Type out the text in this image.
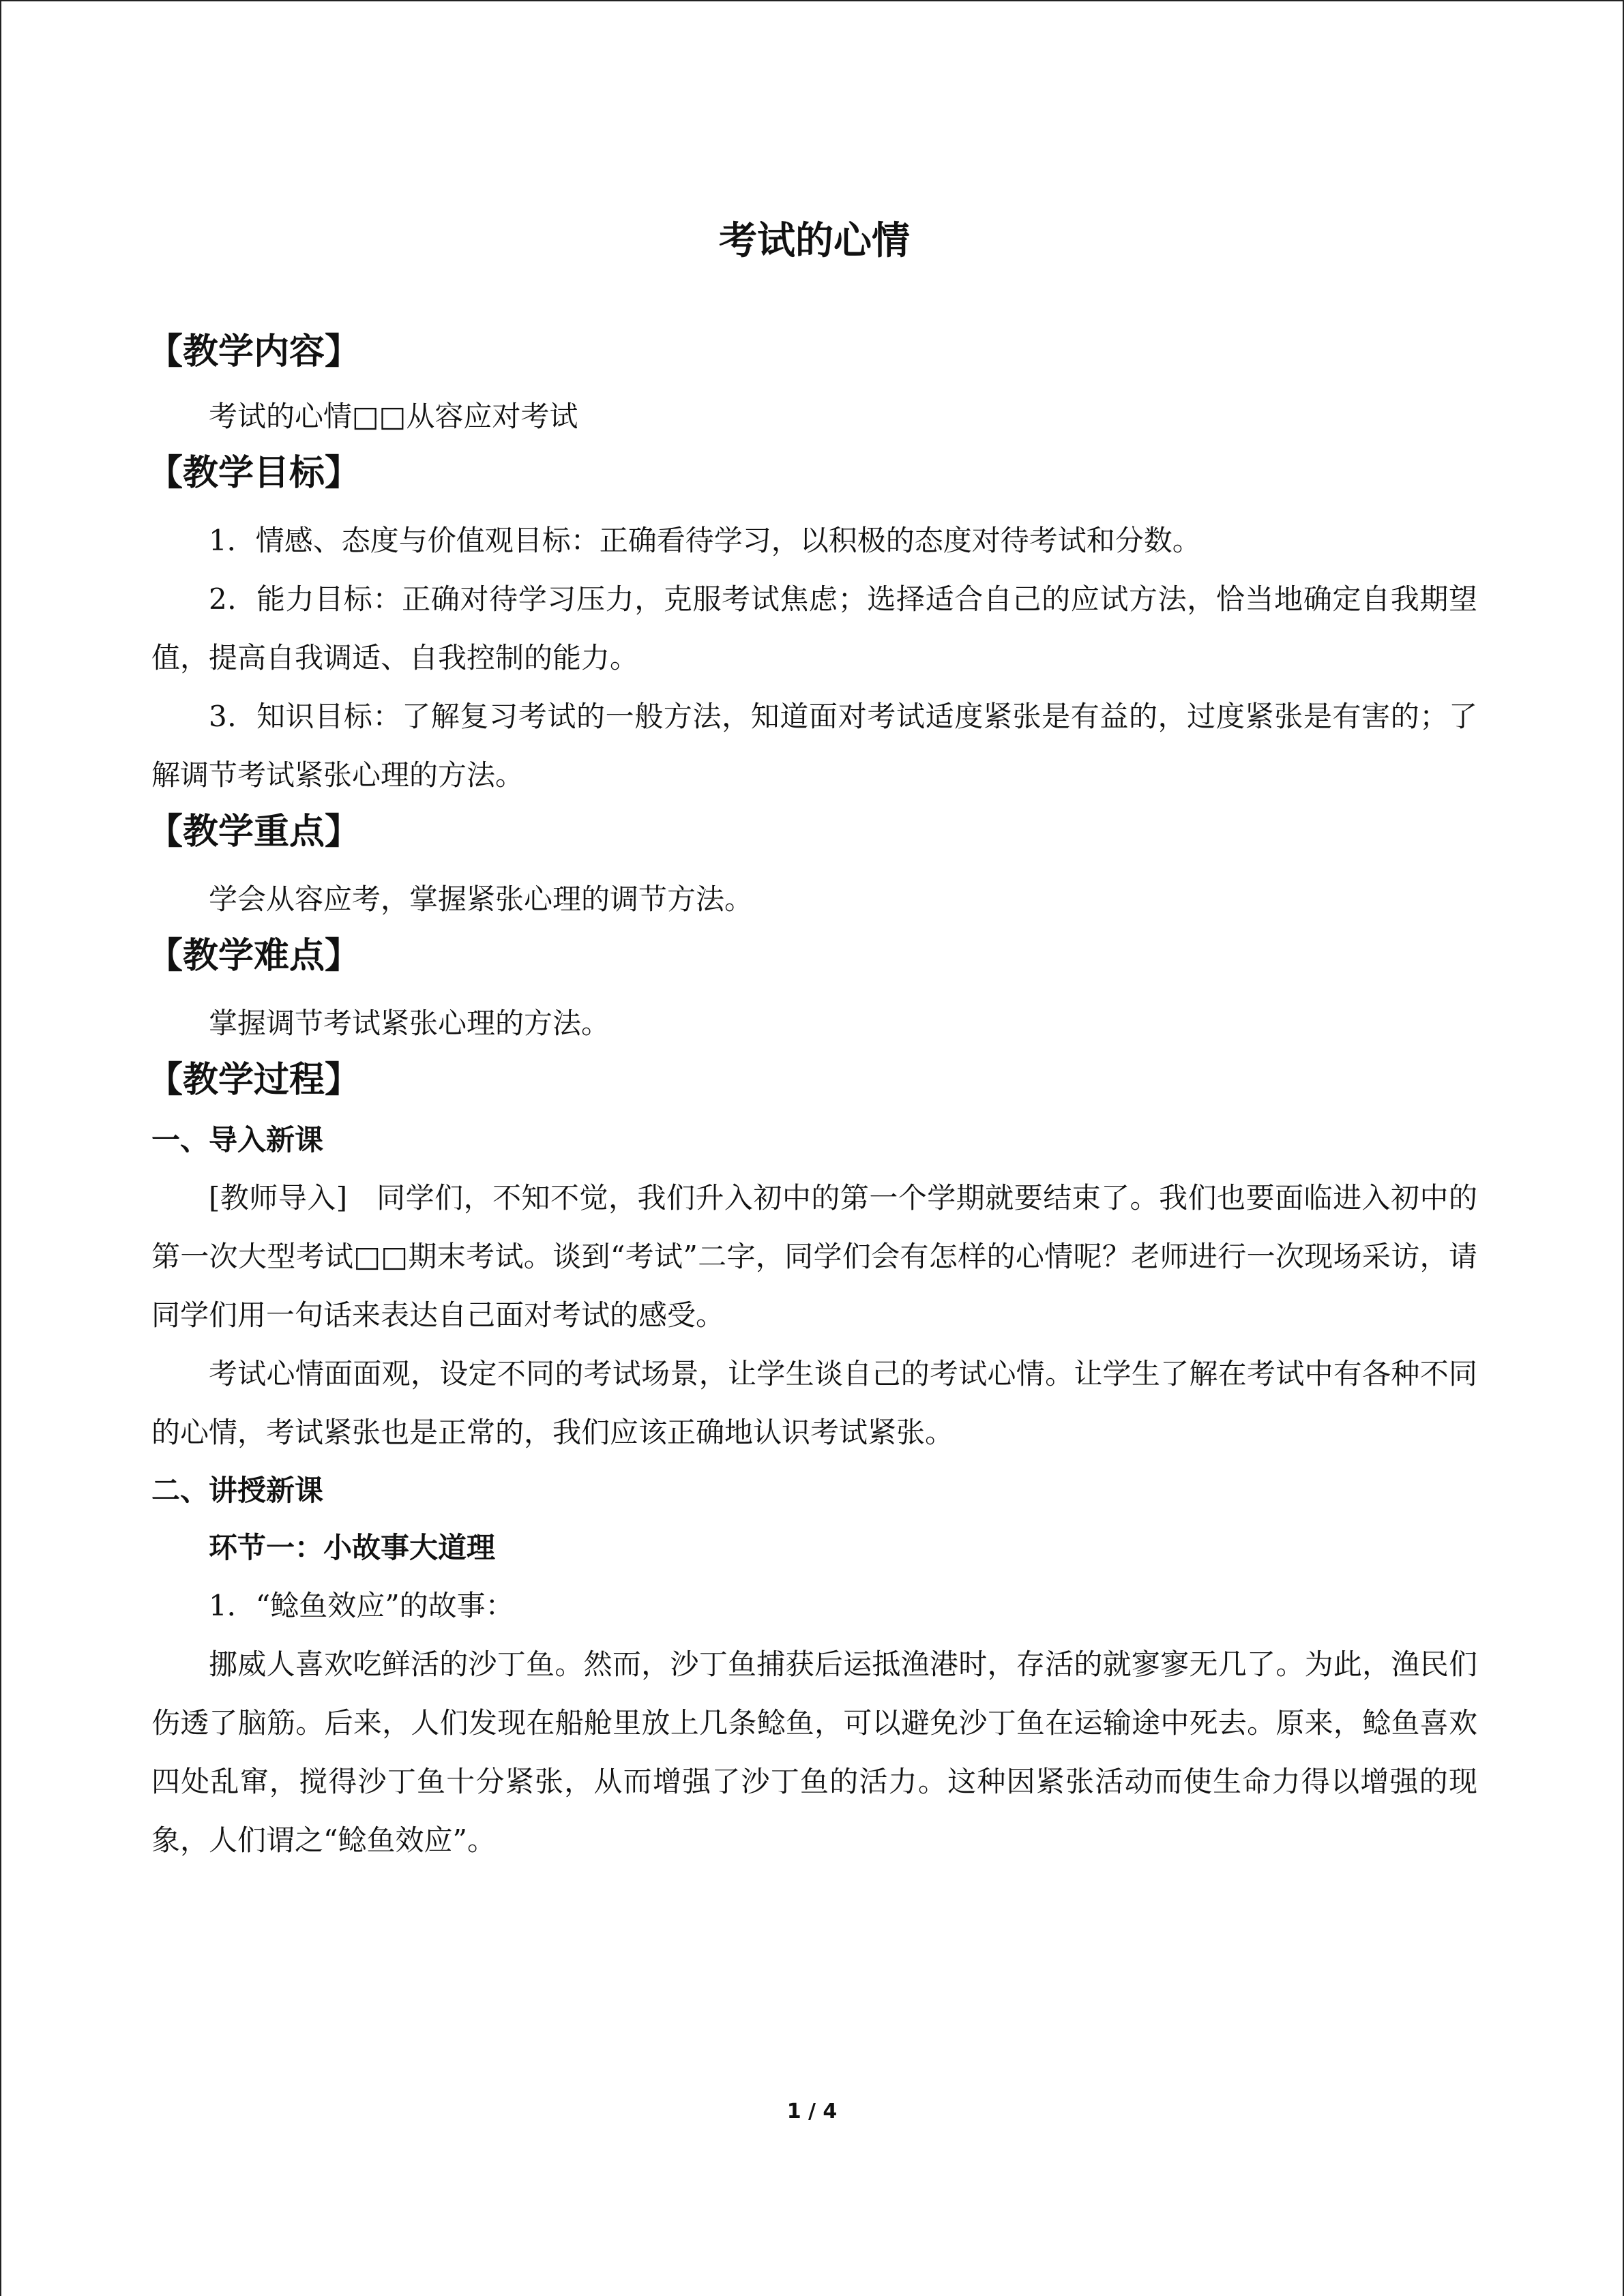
考试的心情
【教学内容】

考试的心情□□从容应对考试

【教学目标】

1．情感、态度与价值观目标：正确看待学习，以积极的态度对待考试和分数。

2．能力目标：正确对待学习压力，克服考试焦虑；选择适合自己的应试方法，恰当地确定自我期望值，提高自我调适、自我控制的能力。

3．知识目标：了解复习考试的一般方法，知道面对考试适度紧张是有益的，过度紧张是有害的；了解调节考试紧张心理的方法。

【教学重点】

学会从容应考，掌握紧张心理的调节方法。

【教学难点】

掌握调节考试紧张心理的方法。

【教学过程】

一、导入新课

[教师导入]　同学们，不知不觉，我们升入初中的第一个学期就要结束了。我们也要面临进入初中的第一次大型考试□□期末考试。谈到“考试”二字，同学们会有怎样的心情呢？老师进行一次现场采访，请同学们用一句话来表达自己面对考试的感受。

考试心情面面观，设定不同的考试场景，让学生谈自己的考试心情。让学生了解在考试中有各种不同的心情，考试紧张也是正常的，我们应该正确地认识考试紧张。

二、讲授新课

环节一：小故事大道理

1．“鲶鱼效应”的故事：

挪威人喜欢吃鲜活的沙丁鱼。然而，沙丁鱼捕获后运抵渔港时，存活的就寥寥无几了。为此，渔民们伤透了脑筋。后来，人们发现在船舱里放上几条鲶鱼，可以避免沙丁鱼在运输途中死去。原来，鲶鱼喜欢四处乱窜，搅得沙丁鱼十分紧张，从而增强了沙丁鱼的活力。这种因紧张活动而使生命力得以增强的现象，人们谓之“鲶鱼效应”。

1 / 4
